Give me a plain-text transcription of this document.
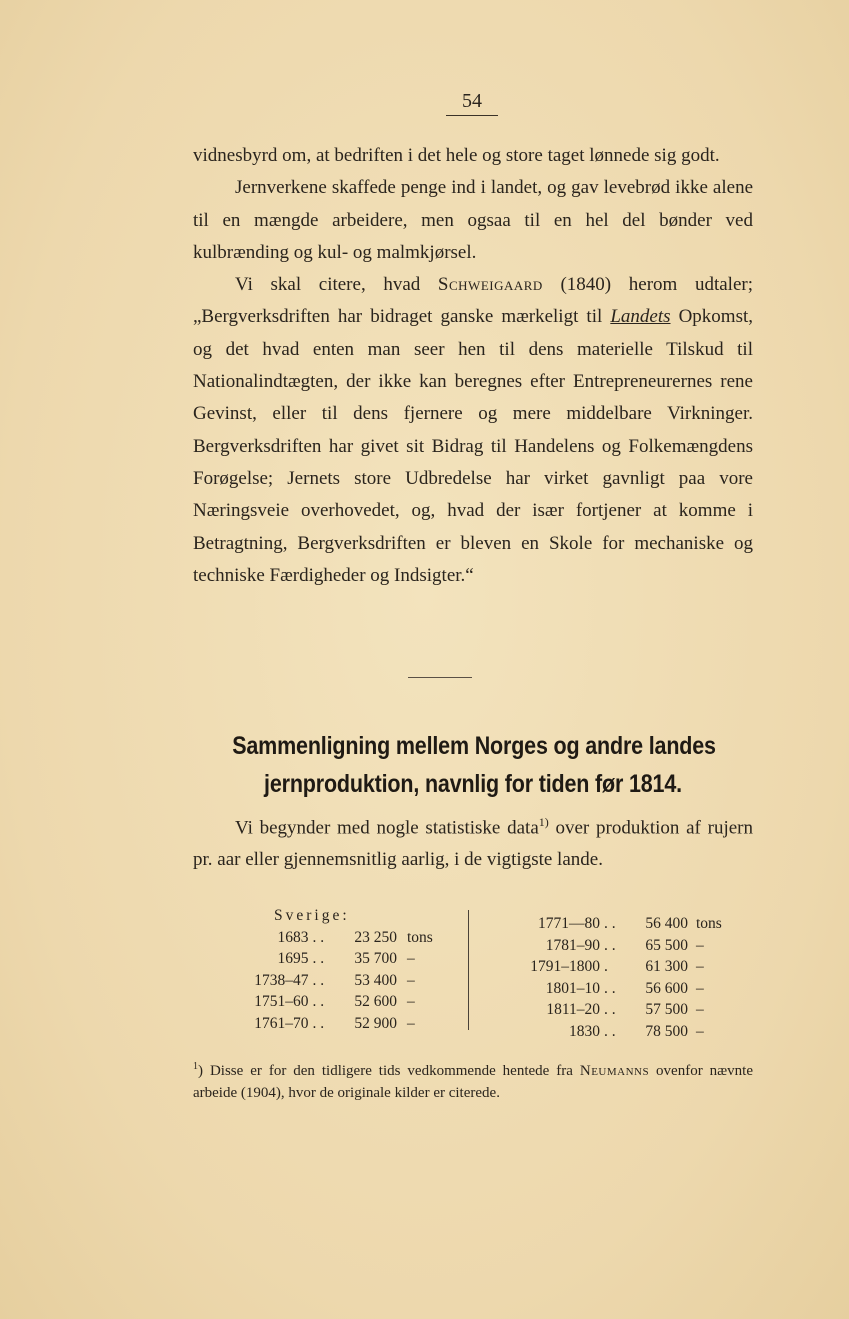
54

vidnesbyrd om, at bedriften i det hele og store taget lønnede sig godt.

Jernverkene skaffede penge ind i landet, og gav levebrød ikke alene til en mængde arbeidere, men ogsaa til en hel del bønder ved kulbrænding og kul- og malmkjørsel.

Vi skal citere, hvad Schweigaard (1840) herom udtaler; „Bergverksdriften har bidraget ganske mærkeligt til Landets Opkomst, og det hvad enten man seer hen til dens materielle Tilskud til Nationalindtægten, der ikke kan beregnes efter Entrepreneurernes rene Gevinst, eller til dens fjernere og mere middelbare Virkninger. Bergverksdriften har givet sit Bidrag til Handelens og Folkemængdens Forøgelse; Jernets store Udbredelse har virket gavnligt paa vore Næringsveie overhovedet, og, hvad der især fortjener at komme i Betragtning, Bergverksdriften er bleven en Skole for mechaniske og techniske Færdigheder og Indsigter.“

Sammenligning mellem Norges og andre landes
jernproduktion, navnlig for tiden før 1814.

Vi begynder med nogle statistiske data$^{1)}$ over produktion af rujern pr. aar eller gjennemsnitlig aarlig, i de vigtigste lande.

Sverige:
1683 . .	23 250 tons
1695 . .	35 700 –
1738–47 . .	53 400 –
1751–60 . .	52 600 –
1761–70 . .	52 900 –
1771—80 . .	56 400 tons
1781–90 . .	65 500 –
1791–1800 .	61 300 –
1801–10 . .	56 600 –
1811–20 . .	57 500 –
1830 . .	78 500 –
$^1$) Disse er for den tidligere tids vedkommende hentede fra Neumanns ovenfor nævnte arbeide (1904), hvor de originale kilder er citerede.
